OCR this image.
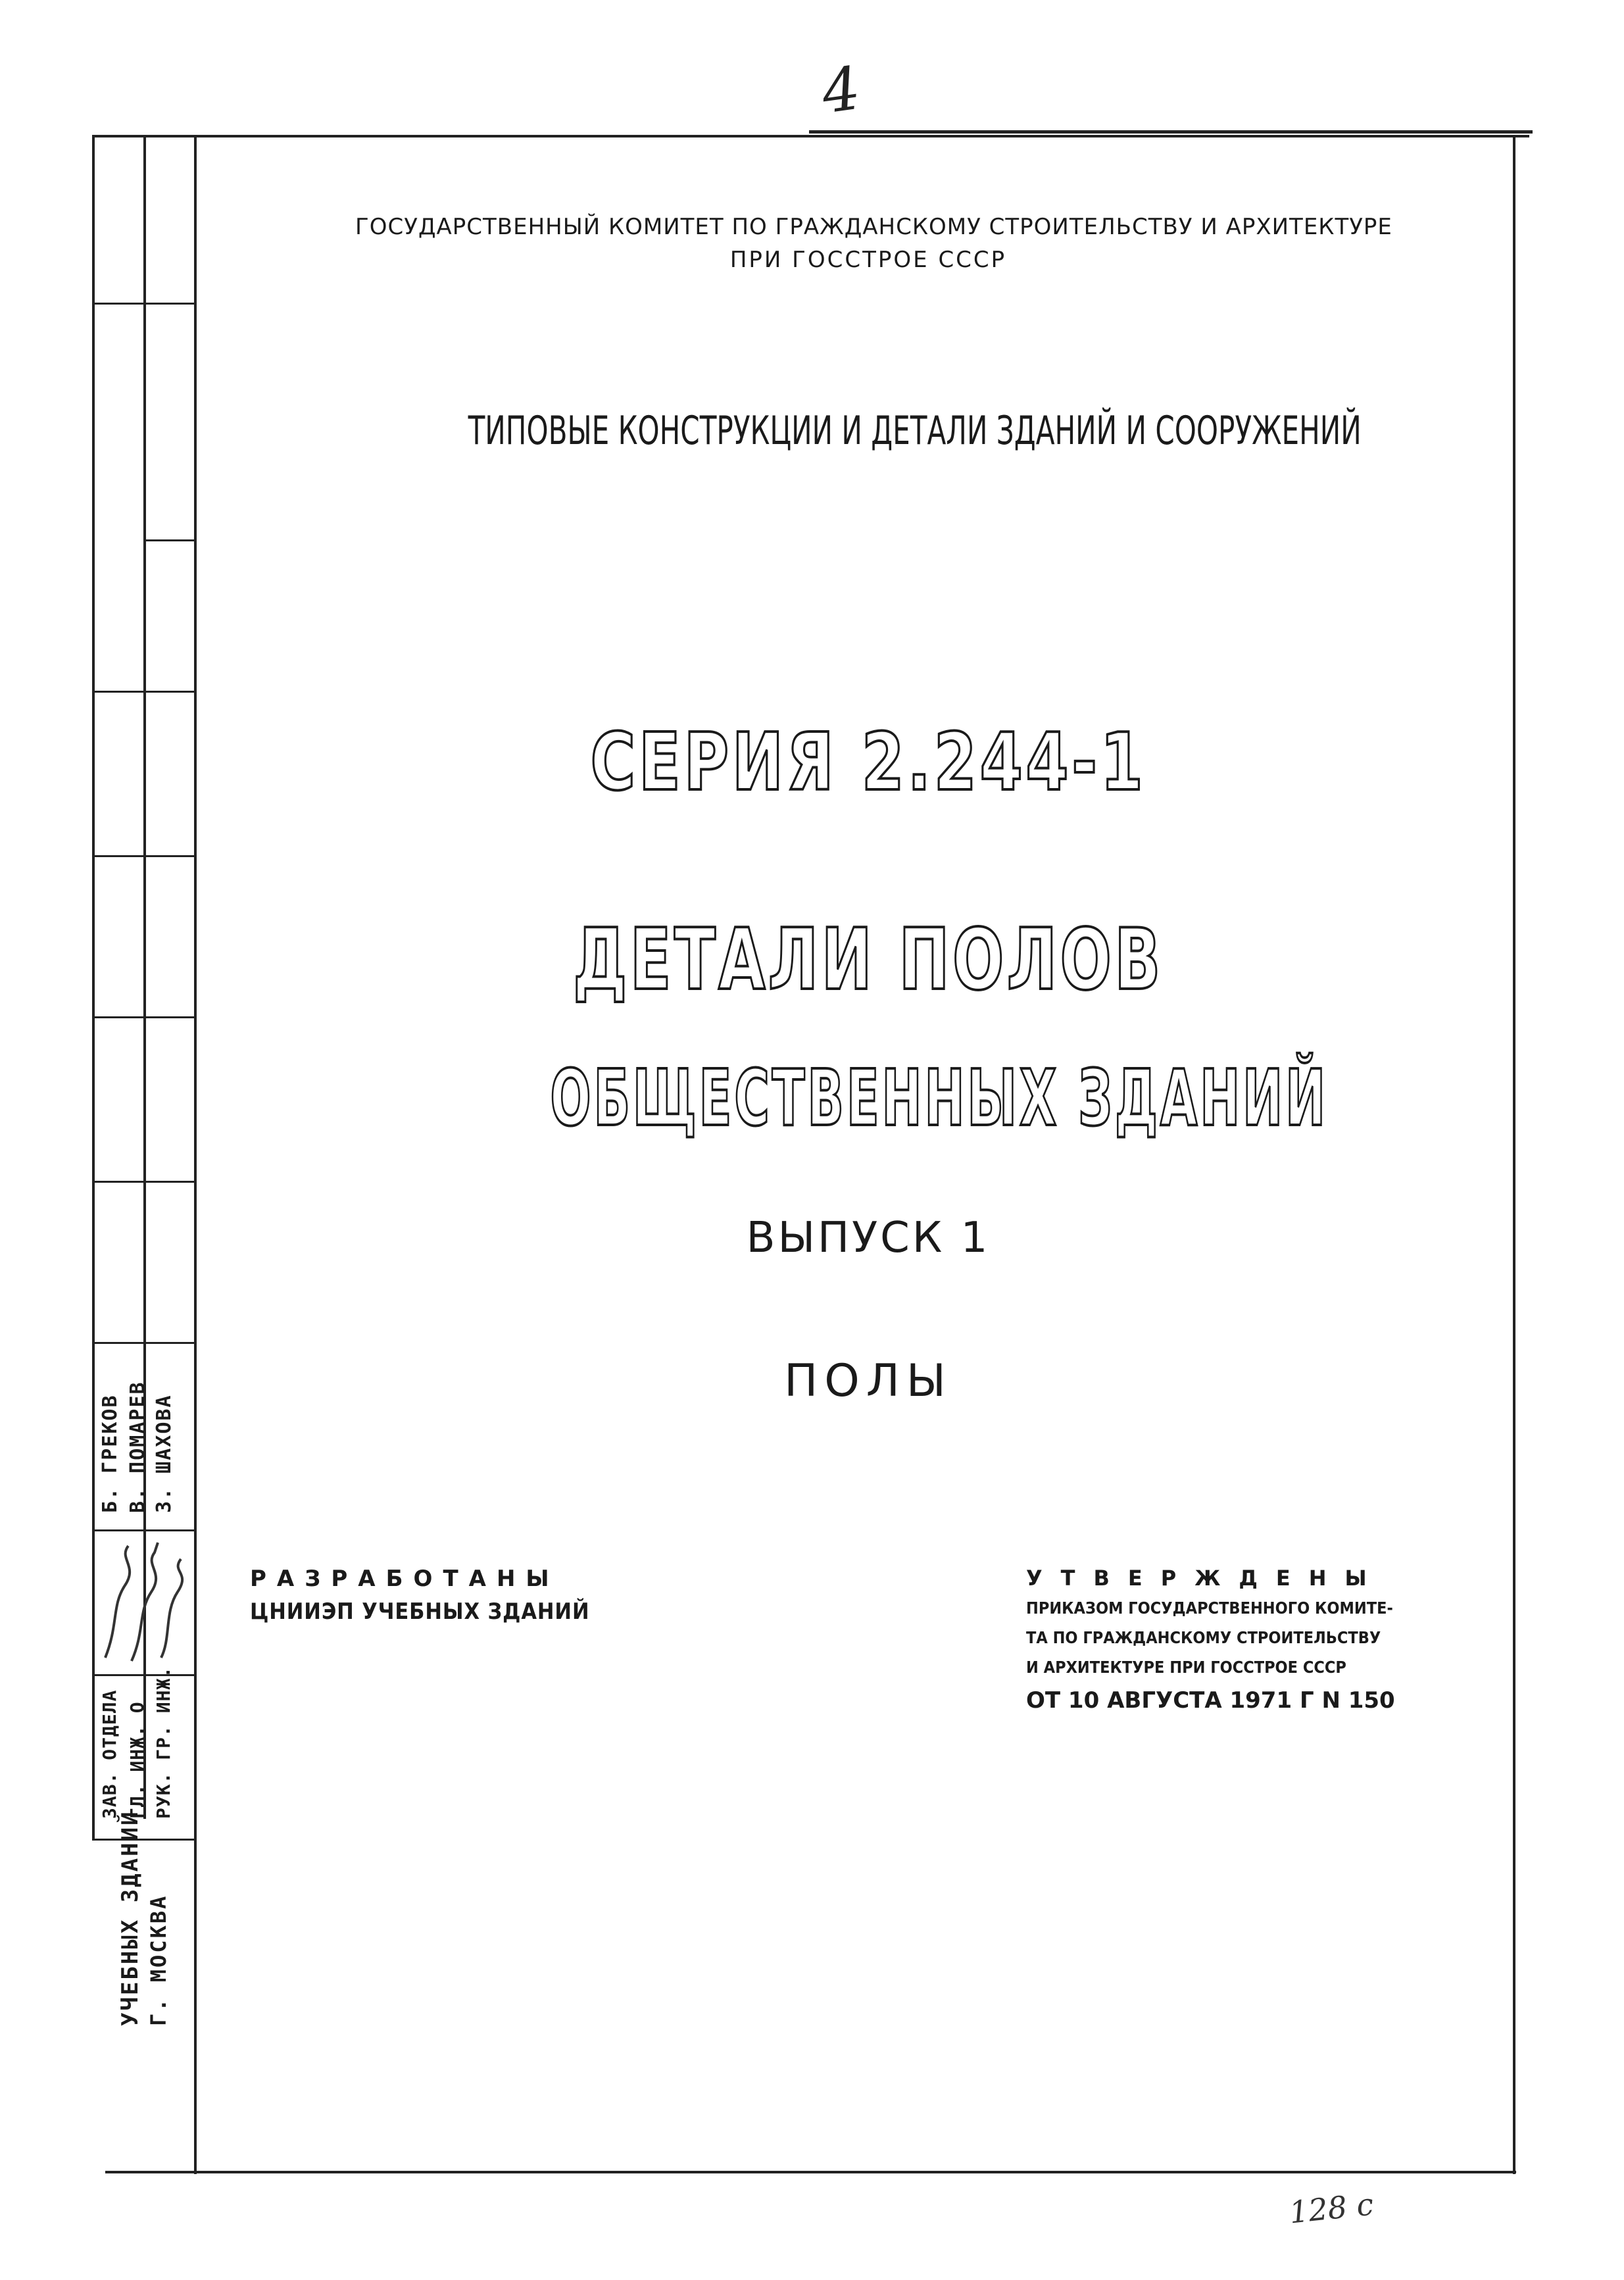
4
ГОСУДАРСТВЕННЫЙ КОМИТЕТ ПО ГРАЖДАНСКОМУ СТРОИТЕЛЬСТВУ И АРХИТЕКТУРЕ
ПРИ ГОССТРОЕ СССР
ТИПОВЫЕ КОНСТРУКЦИИ И ДЕТАЛИ ЗДАНИЙ И СООРУЖЕНИЙ
СЕРИЯ 2.244-1
ДЕТАЛИ ПОЛОВ
ОБЩЕСТВЕННЫХ ЗДАНИЙ
ВЫПУСК 1
ПОЛЫ
РАЗРАБОТАНЫ
ЦНИИЭП УЧЕБНЫХ ЗДАНИЙ
УТВЕРЖДЕНЫ
ПРИКАЗОМ ГОСУДАРСТВЕННОГО КОМИТЕ-
ТА ПО ГРАЖДАНСКОМУ СТРОИТЕЛЬСТВУ
И АРХИТЕКТУРЕ ПРИ ГОССТРОЕ СССР
ОТ 10 АВГУСТА 1971 Г N 150
ЗАВ. ОТДЕЛА ГЛ. ИНЖ. О РУК. ГР. ИНЖ.
Б. ГРЕКОВ В. ПОМАРЕВ З. ШАХОВА
УЧЕБНЫХ ЗДАНИЙ Г. МОСКВА
128 с
